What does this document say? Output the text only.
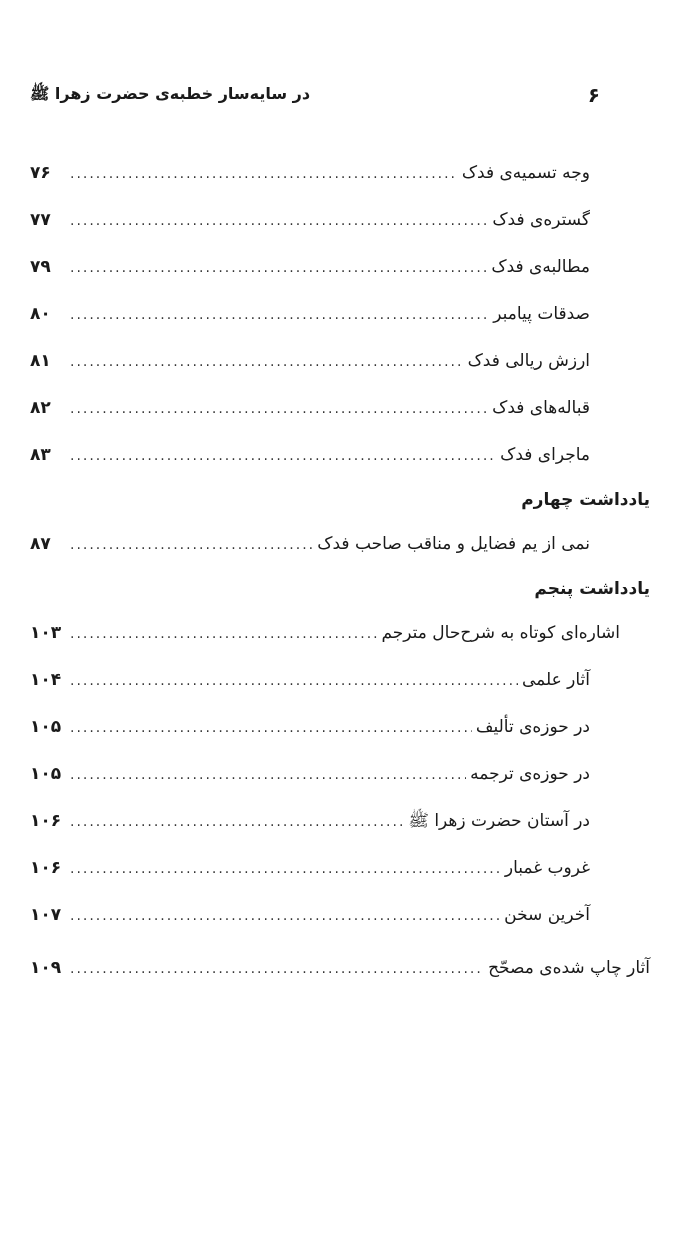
۶
در سایه‌سار خطبه‌ی حضرت زهرا ﷺ
وجه تسمیه‌ی فدک
.....
۷۶
گستره‌ی فدک
.....
۷۷
مطالبه‌ی فدک
.....
۷۹
صدقات پیامبر
.....
۸۰
ارزش ریالی فدک
.....
۸۱
قباله‌های فدک
.....
۸۲
ماجرای فدک
.....
۸۳
یادداشت چهارم
نمی از یم فضایل و مناقب صاحب فدک
.....
۸۷
یادداشت پنجم
اشاره‌ای کوتاه به شرح‌حال مترجم
.....
۱۰۳
آثار علمی
.....
۱۰۴
در حوزه‌ی تألیف
.....
۱۰۵
در حوزه‌ی ترجمه
.....
۱۰۵
در آستان حضرت زهرا ﷺ
.....
۱۰۶
غروب غمبار
.....
۱۰۶
آخرین سخن
.....
۱۰۷
آثار چاپ شده‌ی مصحّح
.....
۱۰۹
